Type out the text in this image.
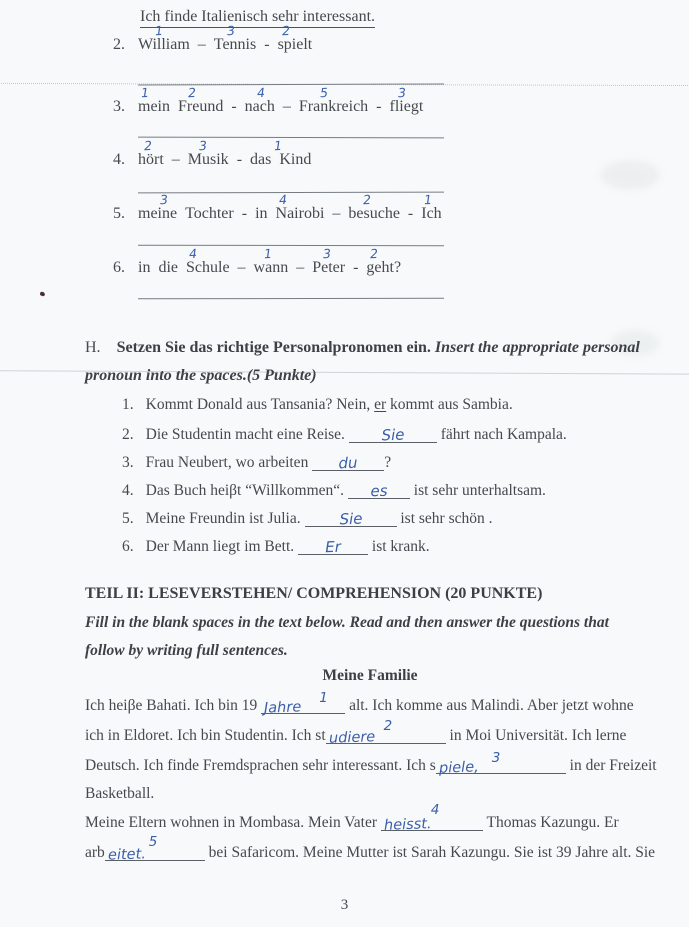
Ich finde Italienisch sehr interessant.
2.
1
William –
3
Tennis -
2
spielt
3.
1
mein
2
Freund -
4
nach –
5
Frankreich -
3
fliegt
4.
2
hört –
3
Musik - das
1
Kind
5.
3
meine Tochter - in
4
Nairobi –
2
besuche -
1
Ich
6. in die
4
Schule –
1
wann –
3
Peter -
2
geht?
H. Setzen Sie das richtige Personalpronomen ein. Insert the appropriate personal
pronoun into the spaces.(5 Punkte)
1. Kommt Donald aus Tansania? Nein, er kommt aus Sambia.
2. Die Studentin macht eine Reise. Sie fährt nach Kampala.
3. Frau Neubert, wo arbeiten du ?
4. Das Buch heiβt “Willkommen“. es ist sehr unterhaltsam.
5. Meine Freundin ist Julia.	Sie ist sehr schön .
6. Der Mann liegt im Bett. Er ist krank.
TEIL II: LESEVERSTEHEN/ COMPREHENSION (20 PUNKTE)
Fill in the blank spaces in the text below. Read and then answer the questions that
follow by writing full sentences.
Meine Familie
Ich heiβe Bahati. Ich bin 19 Jahre
1 alt. Ich komme aus Malindi. Aber jetzt wohne
ich in Eldoret. Ich bin Studentin. Ich st udiere
2
in Moi Universität. Ich lerne
Deutsch. Ich finde Fremdsprachen sehr interessant. Ich s piele,
3	in der Freizeit
Basketball.
Meine Eltern wohnen in Mombasa. Mein Vater heisst.
4
Thomas Kazungu. Er
arb eitet.
5
bei Safaricom. Meine Mutter ist Sarah Kazungu. Sie ist 39 Jahre alt. Sie
3
